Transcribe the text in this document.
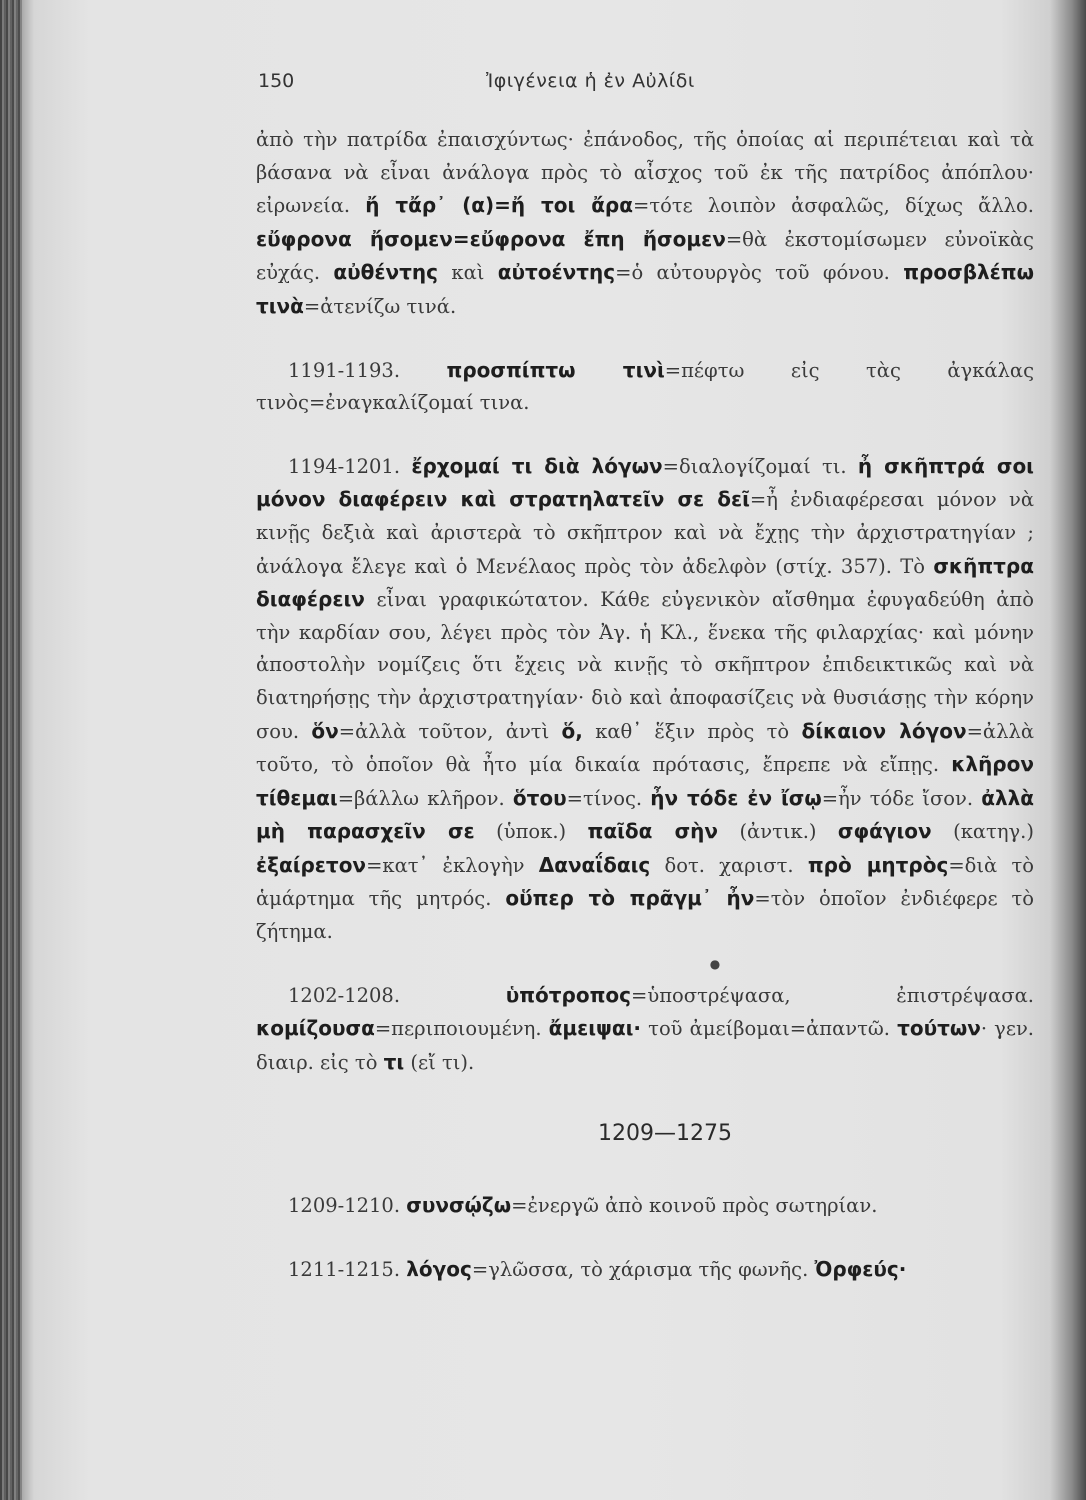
150	Ἰφιγένεια ἡ ἐν Αὐλίδι

ἀπὸ τὴν πατρίδα ἐπαισχύντως· ἐπάνοδος, τῆς ὁποίας αἱ περιπέτειαι καὶ τὰ βάσανα νὰ εἶναι ἀνάλογα πρὸς τὸ αἶσχος τοῦ ἐκ τῆς πατρίδος ἀπόπλου· εἰρωνεία. ἤ τἄρ᾽ (α)=ἤ τοι ἄρα=τότε λοιπὸν ἀσφαλῶς, δίχως ἄλλο. εὔφρονα ἤσομεν=εὔφρονα ἔπη ἤσομεν=θὰ ἐκστομίσωμεν εὐνοϊκὰς εὐχάς. αὐθέντης καὶ αὐτοέντης=ὁ αὐτουργὸς τοῦ φόνου. προσβλέπω τινὰ=ἀτενίζω τινά.

1191-1193. προσπίπτω τινὶ=πέφτω εἰς τὰς ἀγκάλας τινὸς=ἐναγκαλίζομαί τινα.

1194-1201. ἔρχομαί τι διὰ λόγων=διαλογίζομαί τι. ἦ σκῆπτρά σοι μόνον διαφέρειν καὶ στρατηλατεῖν σε δεῖ=ἦ ἐνδιαφέρεσαι μόνον νὰ κινῇς δεξιὰ καὶ ἀριστερὰ τὸ σκῆπτρον καὶ νὰ ἔχῃς τὴν ἀρχιστρατηγίαν ; ἀνάλογα ἔλεγε καὶ ὁ Μενέλαος πρὸς τὸν ἀδελφὸν (στίχ. 357). Τὸ σκῆπτρα διαφέρειν εἶναι γραφικώτατον. Κάθε εὐγενικὸν αἴσθημα ἐφυγαδεύθη ἀπὸ τὴν καρδίαν σου, λέγει πρὸς τὸν Ἀγ. ἡ Κλ., ἕνεκα τῆς φιλαρχίας· καὶ μόνην ἀποστολὴν νομίζεις ὅτι ἔχεις νὰ κινῇς τὸ σκῆπτρον ἐπιδεικτικῶς καὶ νὰ διατηρήσῃς τὴν ἀρχιστρατηγίαν· διὸ καὶ ἀποφασίζεις νὰ θυσιάσῃς τὴν κόρην σου. ὅν=ἀλλὰ τοῦτον, ἀντὶ ὅ, καθ᾽ ἕξιν πρὸς τὸ δίκαιον λόγον=ἀλλὰ τοῦτο, τὸ ὁποῖον θὰ ἦτο μία δικαία πρότασις, ἔπρεπε νὰ εἴπῃς. κλῆρον τίθεμαι=βάλλω κλῆρον. ὅτου=τίνος. ἦν τόδε ἐν ἴσῳ=ἦν τόδε ἴσον. ἀλλὰ μὴ παρασχεῖν σε (ὑποκ.) παῖδα σὴν (ἀντικ.) σφάγιον (κατηγ.) ἐξαίρετον=κατ᾽ ἐκλογὴν Δαναΐδαις δοτ. χαριστ. πρὸ μητρὸς=διὰ τὸ ἁμάρτημα τῆς μητρός. οὕπερ τὸ πρᾶγμ᾽ ἦν=τὸν ὁποῖον ἐνδιέφερε τὸ ζήτημα.

●

1202-1208. ὑπότροπος=ὑποστρέψασα, ἐπιστρέψασα. κομίζουσα=περιποιουμένη. ἄμειψαι· τοῦ ἀμείβομαι=ἀπαντῶ. τούτων· γεν. διαιρ. εἰς τὸ τι (εἴ τι).

1209—1275

1209-1210. συνσῴζω=ἐνεργῶ ἀπὸ κοινοῦ πρὸς σωτηρίαν.

1211-1215. λόγος=γλῶσσα, τὸ χάρισμα τῆς φωνῆς. Ὀρφεύς·
